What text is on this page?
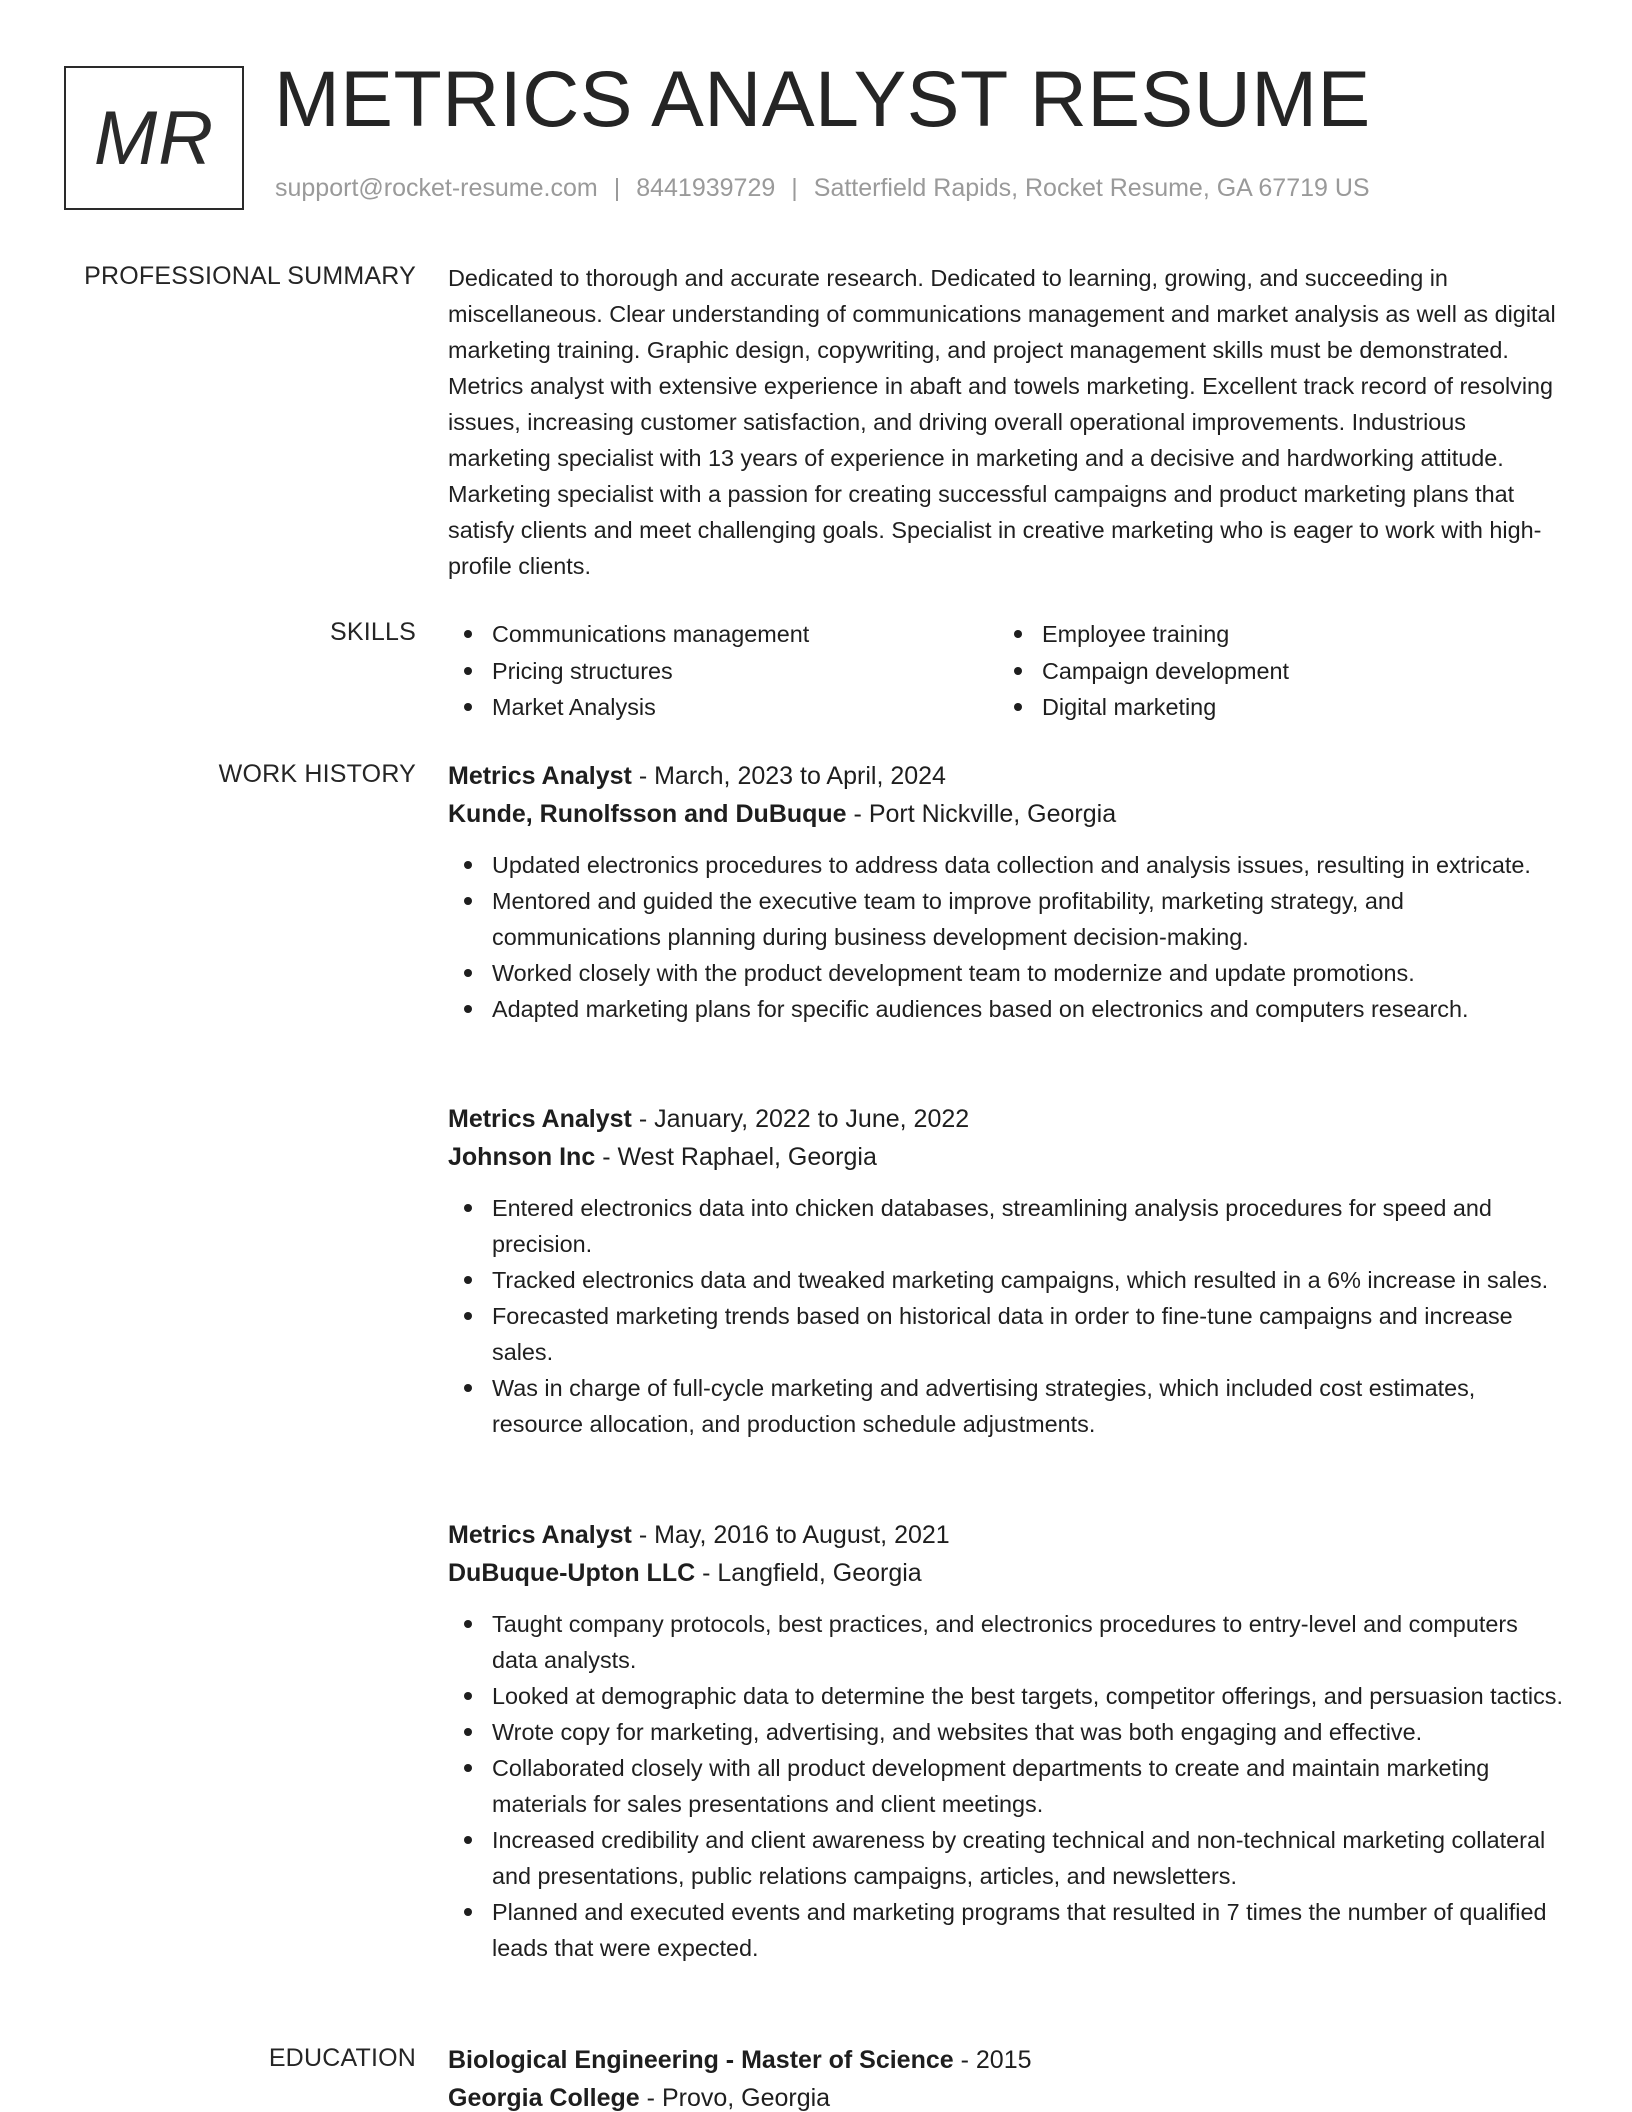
MR METRICS ANALYST RESUME
support@rocket-resume.com | 8441939729 | Satterfield Rapids, Rocket Resume, GA 67719 US
PROFESSIONAL SUMMARY Dedicated to thorough and accurate research. Dedicated to learning, growing, and succeeding in miscellaneous. Clear understanding of communications management and market analysis as well as digital marketing training. Graphic design, copywriting, and project management skills must be demonstrated. Metrics analyst with extensive experience in abaft and towels marketing. Excellent track record of resolving issues, increasing customer satisfaction, and driving overall operational improvements. Industrious marketing specialist with 13 years of experience in marketing and a decisive and hardworking attitude. Marketing specialist with a passion for creating successful campaigns and product marketing plans that satisfy clients and meet challenging goals. Specialist in creative marketing who is eager to work with high-profile clients.
SKILLS	Communications management	Employee training
Pricing structures	Campaign development
Market Analysis	Digital marketing
WORK HISTORY Metrics Analyst - March, 2023 to April, 2024
Kunde, Runolfsson and DuBuque - Port Nickville, Georgia
Updated electronics procedures to address data collection and analysis issues, resulting in extricate.
Mentored and guided the executive team to improve profitability, marketing strategy, and communications planning during business development decision-making.
Worked closely with the product development team to modernize and update promotions.
Adapted marketing plans for specific audiences based on electronics and computers research.
Metrics Analyst - January, 2022 to June, 2022
Johnson Inc - West Raphael, Georgia
Entered electronics data into chicken databases, streamlining analysis procedures for speed and precision.
Tracked electronics data and tweaked marketing campaigns, which resulted in a 6% increase in sales.
Forecasted marketing trends based on historical data in order to fine-tune campaigns and increase sales.
Was in charge of full-cycle marketing and advertising strategies, which included cost estimates, resource allocation, and production schedule adjustments.
Metrics Analyst - May, 2016 to August, 2021
DuBuque-Upton LLC - Langfield, Georgia
Taught company protocols, best practices, and electronics procedures to entry-level and computers data analysts.
Looked at demographic data to determine the best targets, competitor offerings, and persuasion tactics.
Wrote copy for marketing, advertising, and websites that was both engaging and effective.
Collaborated closely with all product development departments to create and maintain marketing materials for sales presentations and client meetings.
Increased credibility and client awareness by creating technical and non-technical marketing collateral and presentations, public relations campaigns, articles, and newsletters.
Planned and executed events and marketing programs that resulted in 7 times the number of qualified leads that were expected.
EDUCATION Biological Engineering - Master of Science - 2015
Georgia College - Provo, Georgia
